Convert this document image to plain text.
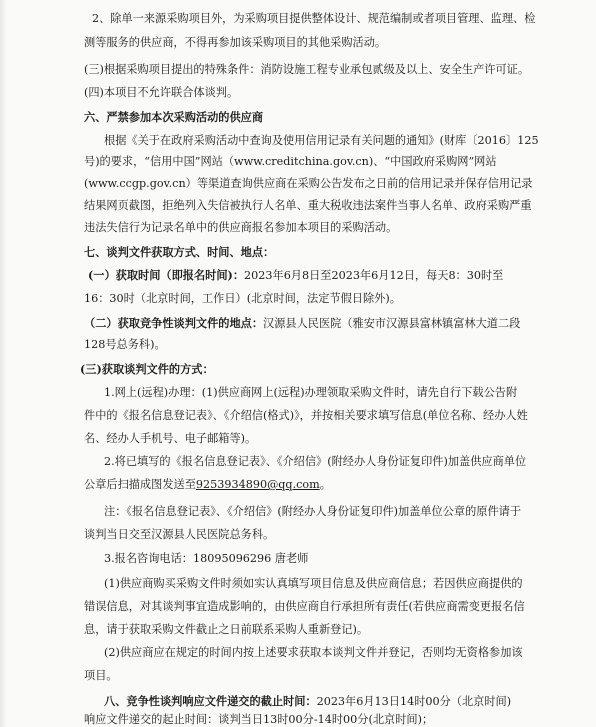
2、除单一来源采购项目外，为采购项目提供整体设计、规范编制或者项目管理、监理、检
测等服务的供应商，不得再参加该采购项目的其他采购活动。
(三)根据采购项目提出的特殊条件：消防设施工程专业承包贰级及以上、安全生产许可证。
(四)本项目不允许联合体谈判。
六、严禁参加本次采购活动的供应商
根据《关于在政府采购活动中查询及使用信用记录有关问题的通知》(财库〔2016〕125
号)的要求，“信用中国”网站（www.creditchina.gov.cn)、“中国政府采购网”网站
(www.ccgp.gov.cn）等渠道查询供应商在采购公告发布之日前的信用记录并保存信用记录
结果网页截图，拒绝列入失信被执行人名单、重大税收违法案件当事人名单、政府采购严重
违法失信行为记录名单中的供应商报名参加本项目的采购活动。
七、谈判文件获取方式、时间、地点：
(一）获取时间（即报名时间)：2023年6月8日至2023年6月12日，每天8：30时至
16：30时（北京时间，工作日）(北京时间，法定节假日除外)。
（二）获取竞争性谈判文件的地点：汉源县人民医院（雅安市汉源县富林镇富林大道二段
128号总务科)。
(三)获取谈判文件的方式：
1.网上(远程)办理：(1)供应商网上(远程)办理领取采购文件时，请先自行下载公告附
件中的《报名信息登记表》、《介绍信(格式)》，并按相关要求填写信息(单位名称、经办人姓
名、经办人手机号、电子邮箱等)。
2.将已填写的《报名信息登记表》、《介绍信》(附经办人身份证复印件)加盖供应商单位
公章后扫描成图发送至9253934890@qq.com。
注：《报名信息登记表》、《介绍信》(附经办人身份证复印件)加盖单位公章的原件请于
谈判当日交至汉源县人民医院总务科。
3.报名咨询电话：18095096296 唐老师
(1)供应商购买采购文件时须如实认真填写项目信息及供应商信息；若因供应商提供的
错误信息，对其谈判事宜造成影响的，由供应商自行承担所有责任(若供应商需变更报名信
息，请于获取采购文件截止之日前联系采购人重新登记)。
(2)供应商应在规定的时间内按上述要求获取本谈判文件并登记，否则均无资格参加该
项目。
八、竞争性谈判响应文件递交的截止时间：2023年6月13日14时00分（北京时间)
响应文件递交的起止时间：谈判当日13时00分-14时00分(北京时间)；
